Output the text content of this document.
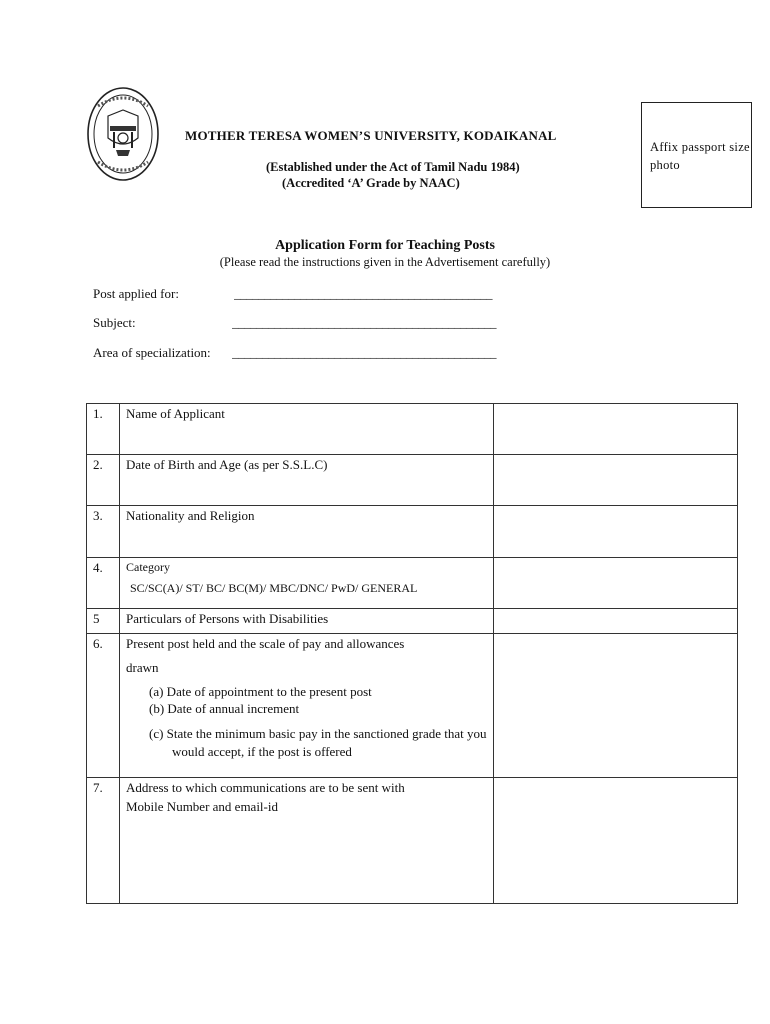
MOTHER TERESA WOMEN’S UNIVERSITY, KODAIKANAL
(Established under the Act of Tamil Nadu 1984)
(Accredited ‘A’ Grade by NAAC)
Affix passport size photo
Application Form for Teaching Posts
(Please read the instructions given in the Advertisement carefully)
Post applied for:	___________________________________________
Subject:	____________________________________________
Area of specialization: ____________________________________________
1.	Name of Applicant	
2.	Date of Birth and Age (as per S.S.L.C)	
3.	Nationality and Religion	
4.	Category
SC/SC(A)/ ST/ BC/ BC(M)/ MBC/DNC/ PwD/ GENERAL	

5	Particulars of Persons with Disabilities	
6.	Present post held and the scale of pay and allowances
drawn
(a) Date of appointment to the present post
(b) Date of annual increment
(c) State the minimum basic pay in the sanctioned grade that you would accept, if the post is offered	

7.	Address to which communications are to be sent with
Mobile Number and email-id	
